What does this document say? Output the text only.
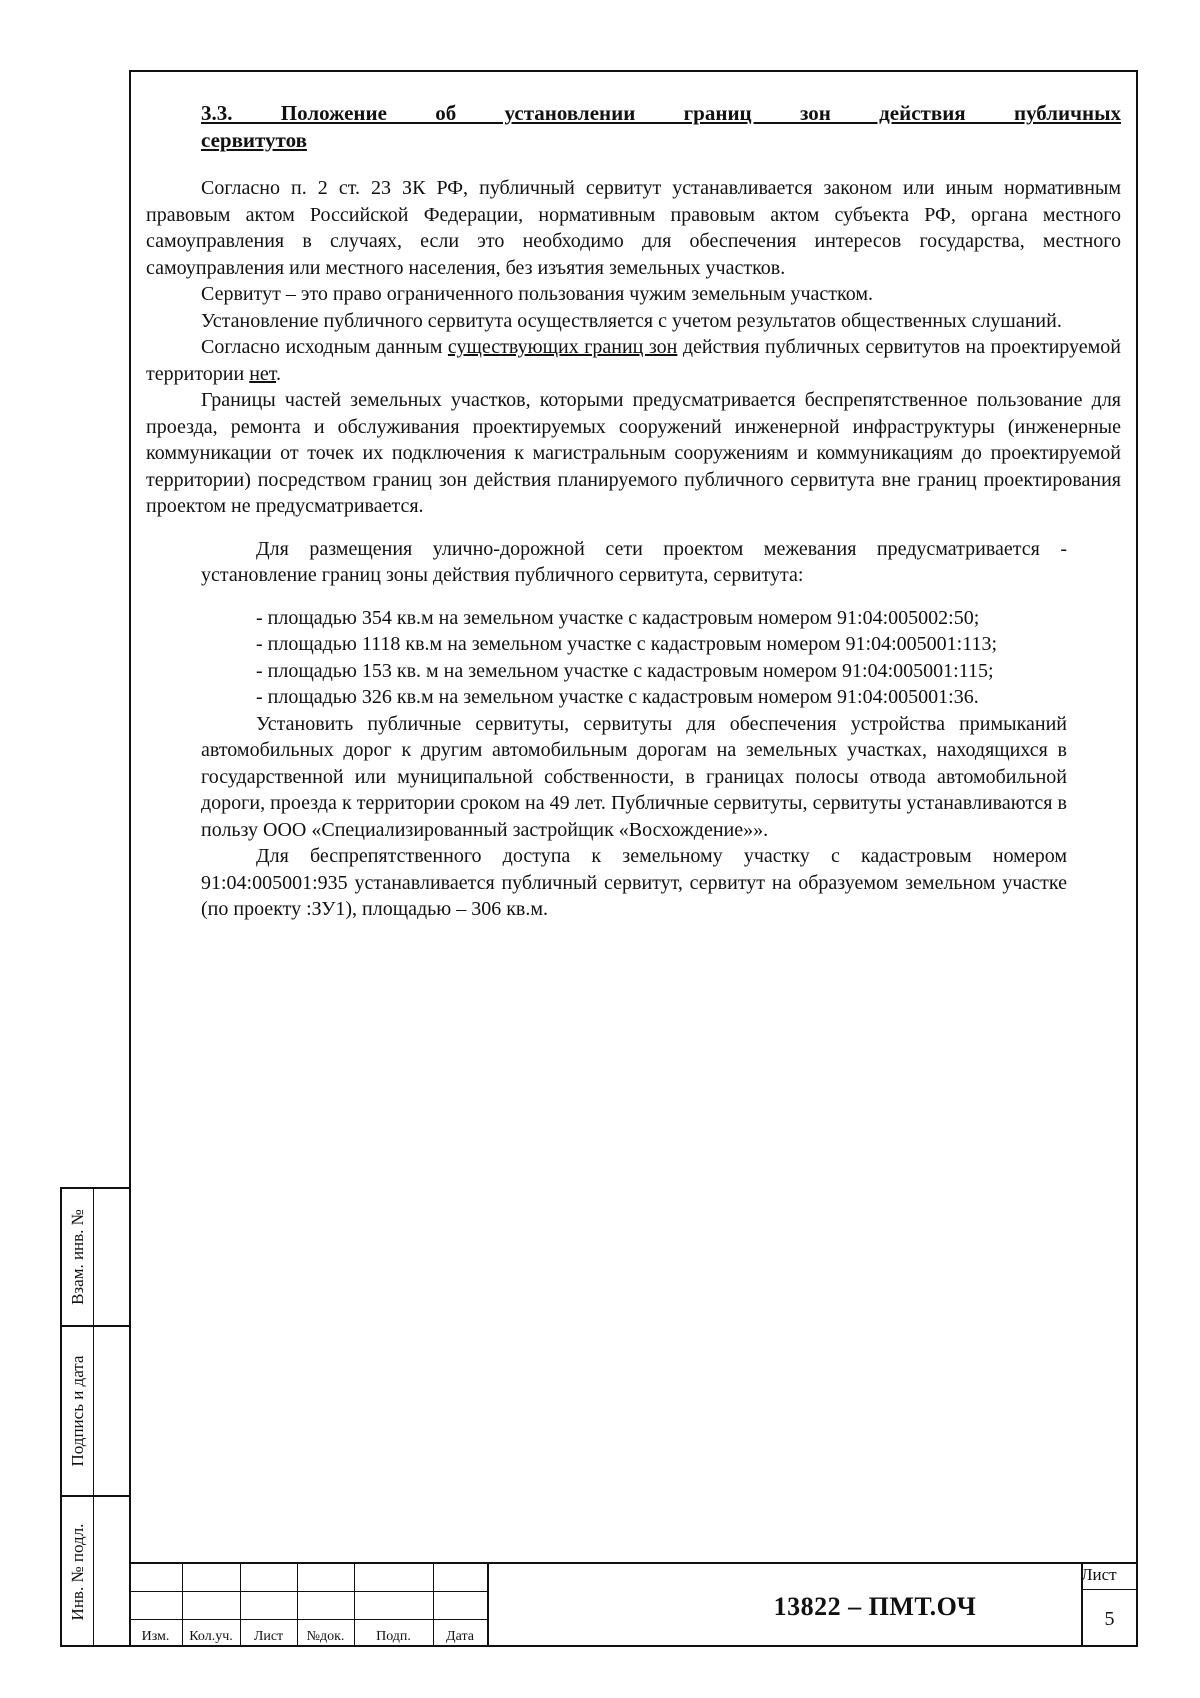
3.3. Положение об установлении границ зон действия публичных

сервитутов

Согласно п. 2 ст. 23 ЗК РФ, публичный сервитут устанавливается законом или иным нормативным правовым актом Российской Федерации, нормативным правовым актом субъекта РФ, органа местного самоуправления в случаях, если это необходимо для обеспечения интересов государства, местного самоуправления или местного населения, без изъятия земельных участков.

Сервитут – это право ограниченного пользования чужим земельным участком.

Установление публичного сервитута осуществляется с учетом результатов общественных слушаний.

Согласно исходным данным существующих границ зон действия публичных сервитутов на проектируемой территории нет.

Границы частей земельных участков, которыми предусматривается беспрепятственное пользование для проезда, ремонта и обслуживания проектируемых сооружений инженерной инфраструктуры (инженерные коммуникации от точек их подключения к магистральным сооружениям и коммуникациям до проектируемой территории) посредством границ зон действия планируемого публичного сервитута вне границ проектирования проектом не предусматривается.

Для размещения улично-дорожной сети проектом межевания предусматривается - установление границ зоны действия публичного сервитута, сервитута:

- площадью 354 кв.м на земельном участке с кадастровым номером 91:04:005002:50;

- площадью 1118 кв.м на земельном участке с кадастровым номером 91:04:005001:113;

- площадью 153 кв. м на земельном участке с кадастровым номером 91:04:005001:115;

- площадью 326 кв.м на земельном участке с кадастровым номером 91:04:005001:36.

Установить публичные сервитуты, сервитуты для обеспечения устройства примыканий автомобильных дорог к другим автомобильным дорогам на земельных участках, находящихся в государственной или муниципальной собственности, в границах полосы отвода автомобильной дороги, проезда к территории сроком на 49 лет. Публичные сервитуты, сервитуты устанавливаются в пользу ООО «Специализированный застройщик «Восхождение»».

Для беспрепятственного доступа к земельному участку с кадастровым номером 91:04:005001:935 устанавливается публичный сервитут, сервитут на образуемом земельном участке (по проекту :ЗУ1), площадью – 306 кв.м.

Взам. инв. №
Подпись и дата
Инв. № подл.
Изм.	Кол.уч.	Лист	№док.	Подп.	Дата
13822 – ПМТ.ОЧ
Лист
5
